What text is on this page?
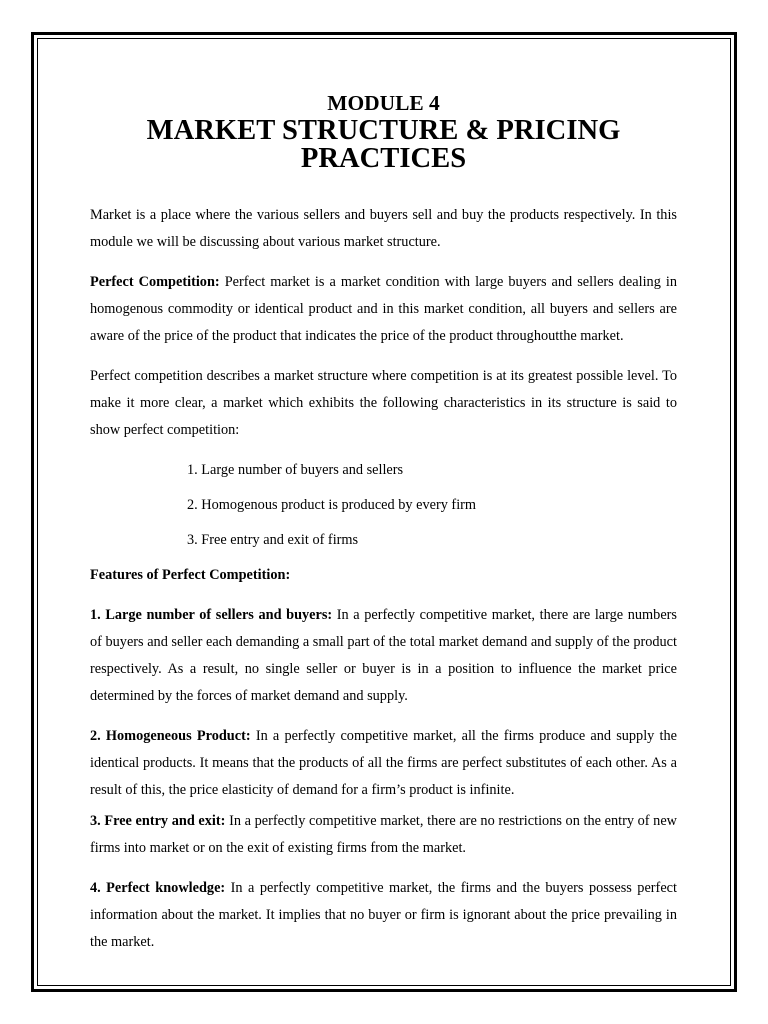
MODULE 4
MARKET STRUCTURE & PRICING PRACTICES

Market is a place where the various sellers and buyers sell and buy the products respectively. In this module we will be discussing about various market structure.

Perfect Competition: Perfect market is a market condition with large buyers and sellers dealing in homogenous commodity or identical product and in this market condition, all buyers and sellers are aware of the price of the product that indicates the price of the product throughoutthe market.

Perfect competition describes a market structure where competition is at its greatest possible level. To make it more clear, a market which exhibits the following characteristics in its structure is said to show perfect competition:

1. Large number of buyers and sellers
2. Homogenous product is produced by every firm
3. Free entry and exit of firms

Features of Perfect Competition:

1. Large number of sellers and buyers: In a perfectly competitive market, there are large numbers of buyers and seller each demanding a small part of the total market demand and supply of the product respectively. As a result, no single seller or buyer is in a position to influence the market price determined by the forces of market demand and supply.

2. Homogeneous Product: In a perfectly competitive market, all the firms produce and supply the identical products. It means that the products of all the firms are perfect substitutes of each other. As a result of this, the price elasticity of demand for a firm’s product is infinite.

3. Free entry and exit: In a perfectly competitive market, there are no restrictions on the entry of new firms into market or on the exit of existing firms from the market.

4. Perfect knowledge: In a perfectly competitive market, the firms and the buyers possess perfect information about the market. It implies that no buyer or firm is ignorant about the price prevailing in the market.
